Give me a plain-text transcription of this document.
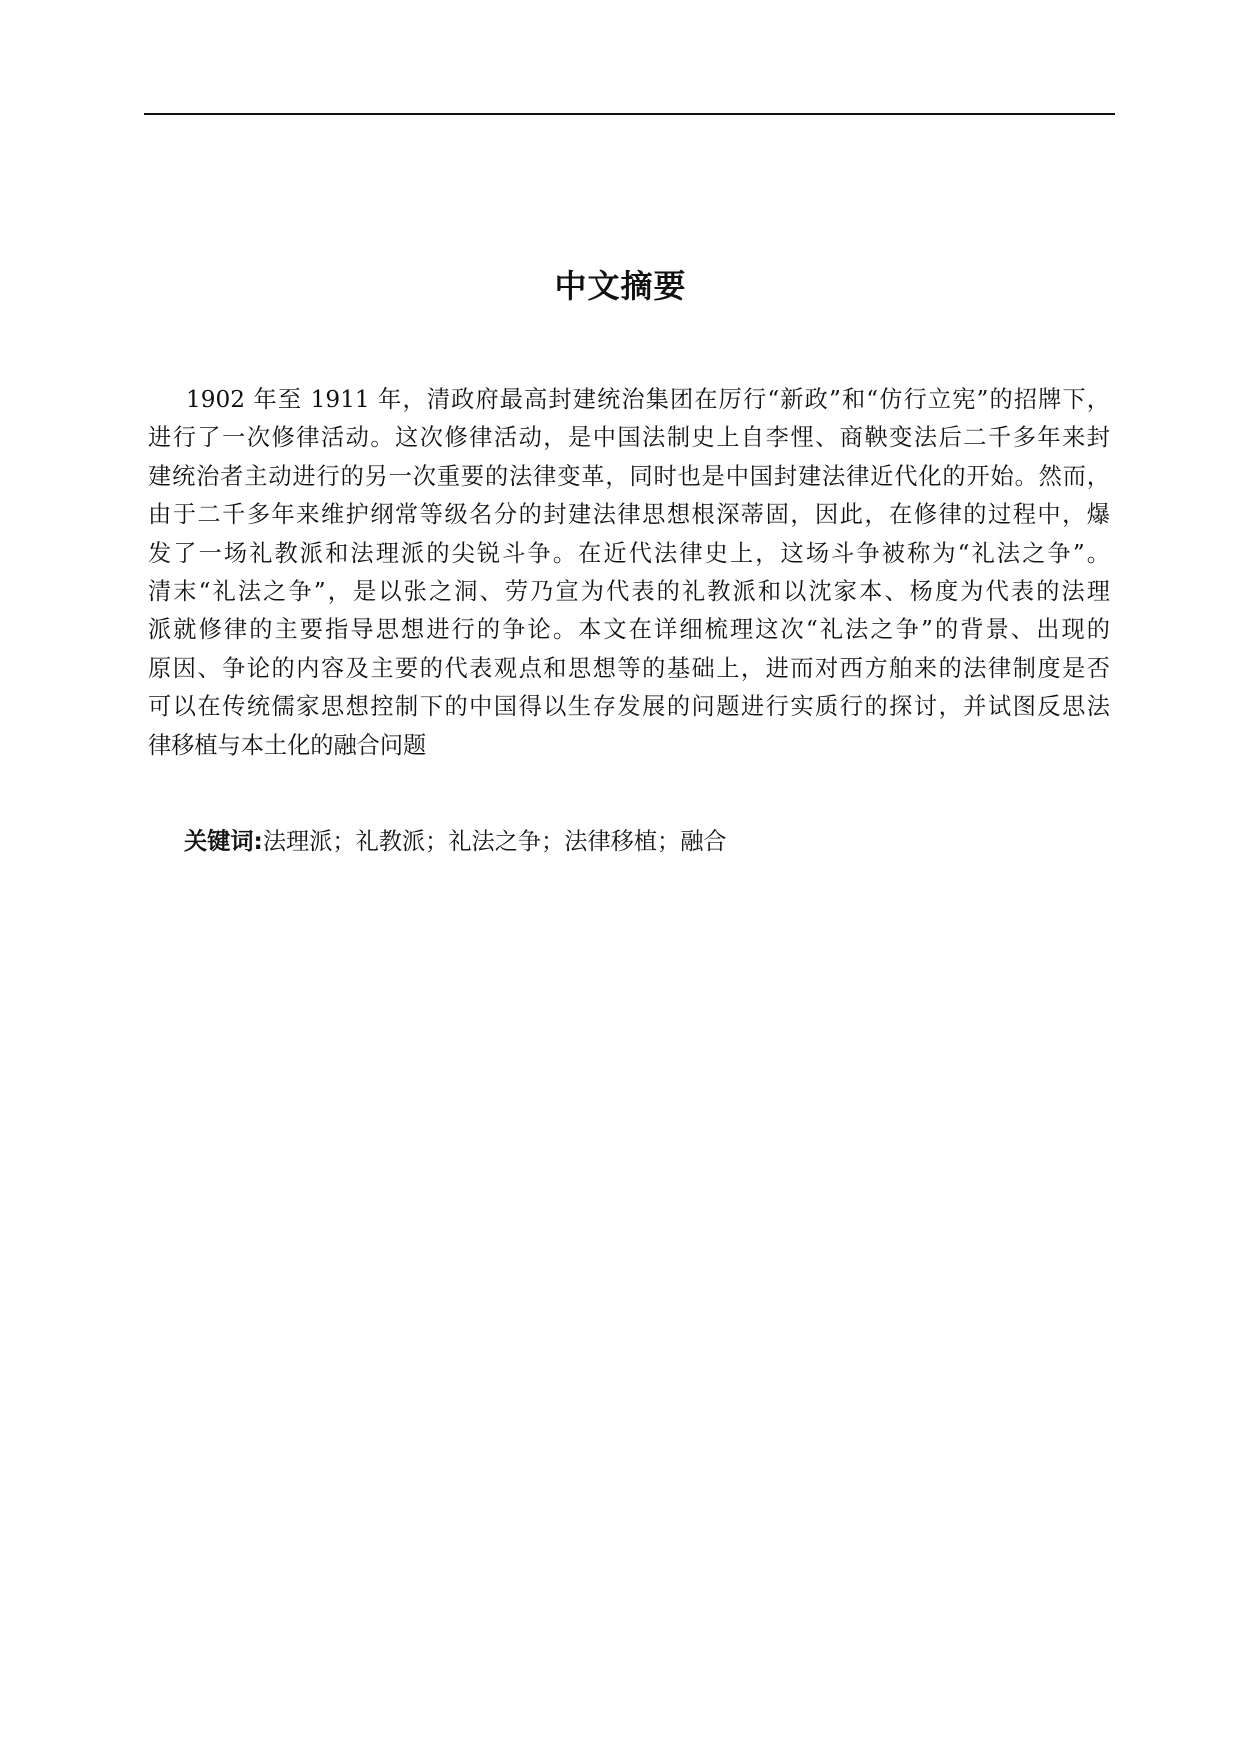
中文摘要
1902 年至 1911 年，清政府最高封建统治集团在厉行“新政”和“仿行立宪”的招牌下，
进行了一次修律活动。这次修律活动，是中国法制史上自李悝、商鞅变法后二千多年来封
建统治者主动进行的另一次重要的法律变革，同时也是中国封建法律近代化的开始。然而，
由于二千多年来维护纲常等级名分的封建法律思想根深蒂固，因此，在修律的过程中，爆
发了一场礼教派和法理派的尖锐斗争。在近代法律史上，这场斗争被称为“礼法之争”。
清末“礼法之争”，是以张之洞、劳乃宣为代表的礼教派和以沈家本、杨度为代表的法理
派就修律的主要指导思想进行的争论。本文在详细梳理这次“礼法之争”的背景、出现的
原因、争论的内容及主要的代表观点和思想等的基础上，进而对西方舶来的法律制度是否
可以在传统儒家思想控制下的中国得以生存发展的问题进行实质行的探讨，并试图反思法
律移植与本土化的融合问题
关键词:法理派；礼教派；礼法之争；法律移植；融合
